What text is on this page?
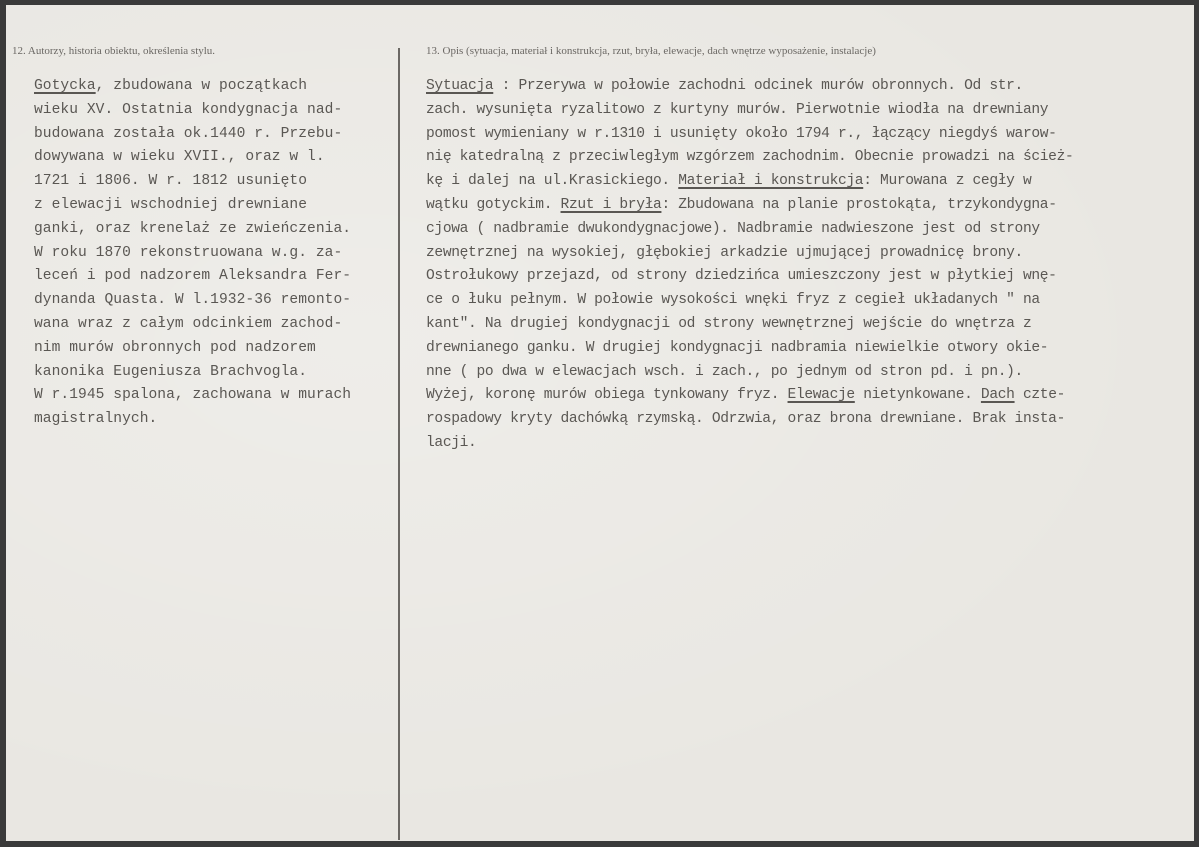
12. Autorzy, historia obiektu, określenia stylu.	13. Opis (sytuacja, materiał i konstrukcja, rzut, bryła, elewacje, dach wnętrze wyposażenie, instalacje)
Gotycka, zbudowana w początkach
wieku XV. Ostatnia kondygnacja nad-
budowana została ok.1440 r. Przebu-
dowywana w wieku XVII., oraz w l.
1721 i 1806. W r. 1812 usunięto
z elewacji wschodniej drewniane
ganki, oraz krenelaż ze zwieńczenia.
W roku 1870 rekonstruowana w.g. za-
leceń i pod nadzorem Aleksandra Fer-
dynanda Quasta. W l.1932-36 remonto-
wana wraz z całym odcinkiem zachod-
nim murów obronnych pod nadzorem
kanonika Eugeniusza Brachvogla.
W r.1945 spalona, zachowana w murach
magistralnych.
Sytuacja : Przerywa w połowie zachodni odcinek murów obronnych. Od str.
zach. wysunięta ryzalitowo z kurtyny murów. Pierwotnie wiodła na drewniany
pomost wymieniany w r.1310 i usunięty około 1794 r., łączący niegdyś warow-
nię katedralną z przeciwległym wzgórzem zachodnim. Obecnie prowadzi na ścież-
kę i dalej na ul.Krasickiego. Materiał i konstrukcja: Murowana z cegły w
wątku gotyckim. Rzut i bryła: Zbudowana na planie prostokąta, trzykondygna-
cjowa ( nadbramie dwukondygnacjowe). Nadbramie nadwieszone jest od strony
zewnętrznej na wysokiej, głębokiej arkadzie ujmującej prowadnicę brony.
Ostrołukowy przejazd, od strony dziedzińca umieszczony jest w płytkiej wnę-
ce o łuku pełnym. W połowie wysokości wnęki fryz z cegieł układanych " na
kant". Na drugiej kondygnacji od strony wewnętrznej wejście do wnętrza z
drewnianego ganku. W drugiej kondygnacji nadbramia niewielkie otwory okie-
nne ( po dwa w elewacjach wsch. i zach., po jednym od stron pd. i pn.).
Wyżej, koronę murów obiega tynkowany fryz. Elewacje nietynkowane. Dach czte-
rospadowy kryty dachówką rzymską. Odrzwia, oraz brona drewniane. Brak insta-
lacji.
